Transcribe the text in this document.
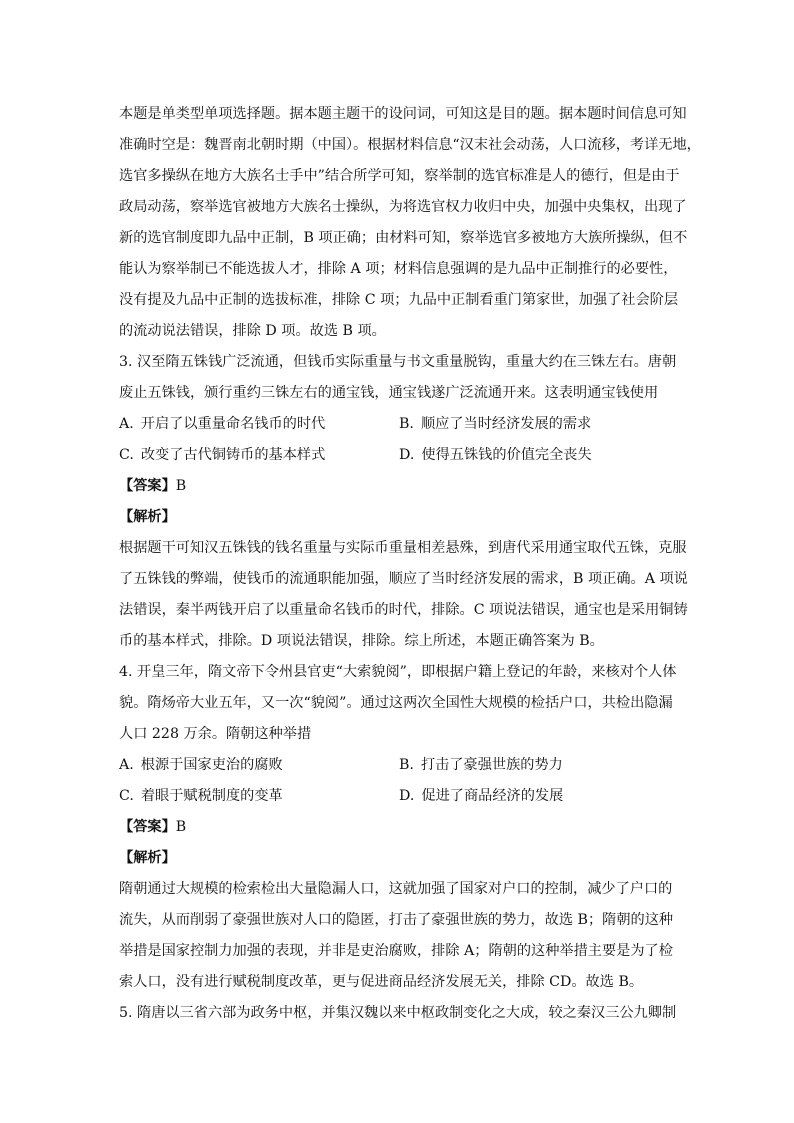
本题是单类型单项选择题。据本题主题干的设问词，可知这是目的题。据本题时间信息可知
准确时空是：魏晋南北朝时期（中国）。根据材料信息“汉末社会动荡，人口流移，考详无地，
选官多操纵在地方大族名士手中”结合所学可知，察举制的选官标准是人的德行，但是由于
政局动荡，察举选官被地方大族名士操纵，为将选官权力收归中央，加强中央集权，出现了
新的选官制度即九品中正制，B 项正确；由材料可知，察举选官多被地方大族所操纵，但不
能认为察举制已不能选拔人才，排除 A 项；材料信息强调的是九品中正制推行的必要性，
没有提及九品中正制的选拔标准，排除 C 项；九品中正制看重门第家世，加强了社会阶层
的流动说法错误，排除 D 项。故选 B 项。
3. 汉至隋五铢钱广泛流通，但钱币实际重量与书文重量脱钩，重量大约在三铢左右。唐朝
废止五铢钱，颁行重约三铢左右的通宝钱，通宝钱遂广泛流通开来。这表明通宝钱使用
A. 开启了以重量命名钱币的时代	B. 顺应了当时经济发展的需求
C. 改变了古代铜铸币的基本样式	D. 使得五铢钱的价值完全丧失
【答案】B
【解析】
根据题干可知汉五铢钱的钱名重量与实际币重量相差悬殊，到唐代采用通宝取代五铢，克服
了五铢钱的弊端，使钱币的流通职能加强，顺应了当时经济发展的需求，B 项正确。A 项说
法错误，秦半两钱开启了以重量命名钱币的时代，排除。C 项说法错误，通宝也是采用铜铸
币的基本样式，排除。D 项说法错误，排除。综上所述，本题正确答案为 B。
4. 开皇三年，隋文帝下令州县官吏“大索貌阅”，即根据户籍上登记的年龄，来核对个人体
貌。隋炀帝大业五年，又一次“貌阅”。通过这两次全国性大规模的检括户口，共检出隐漏
人口 228 万余。隋朝这种举措
A. 根源于国家吏治的腐败	B. 打击了豪强世族的势力
C. 着眼于赋税制度的变革	D. 促进了商品经济的发展
【答案】B
【解析】
隋朝通过大规模的检索检出大量隐漏人口，这就加强了国家对户口的控制，减少了户口的
流失，从而削弱了豪强世族对人口的隐匿，打击了豪强世族的势力，故选 B；隋朝的这种
举措是国家控制力加强的表现，并非是吏治腐败，排除 A；隋朝的这种举措主要是为了检
索人口，没有进行赋税制度改革，更与促进商品经济发展无关，排除 CD。故选 B。
5. 隋唐以三省六部为政务中枢，并集汉魏以来中枢政制变化之大成，较之秦汉三公九卿制
